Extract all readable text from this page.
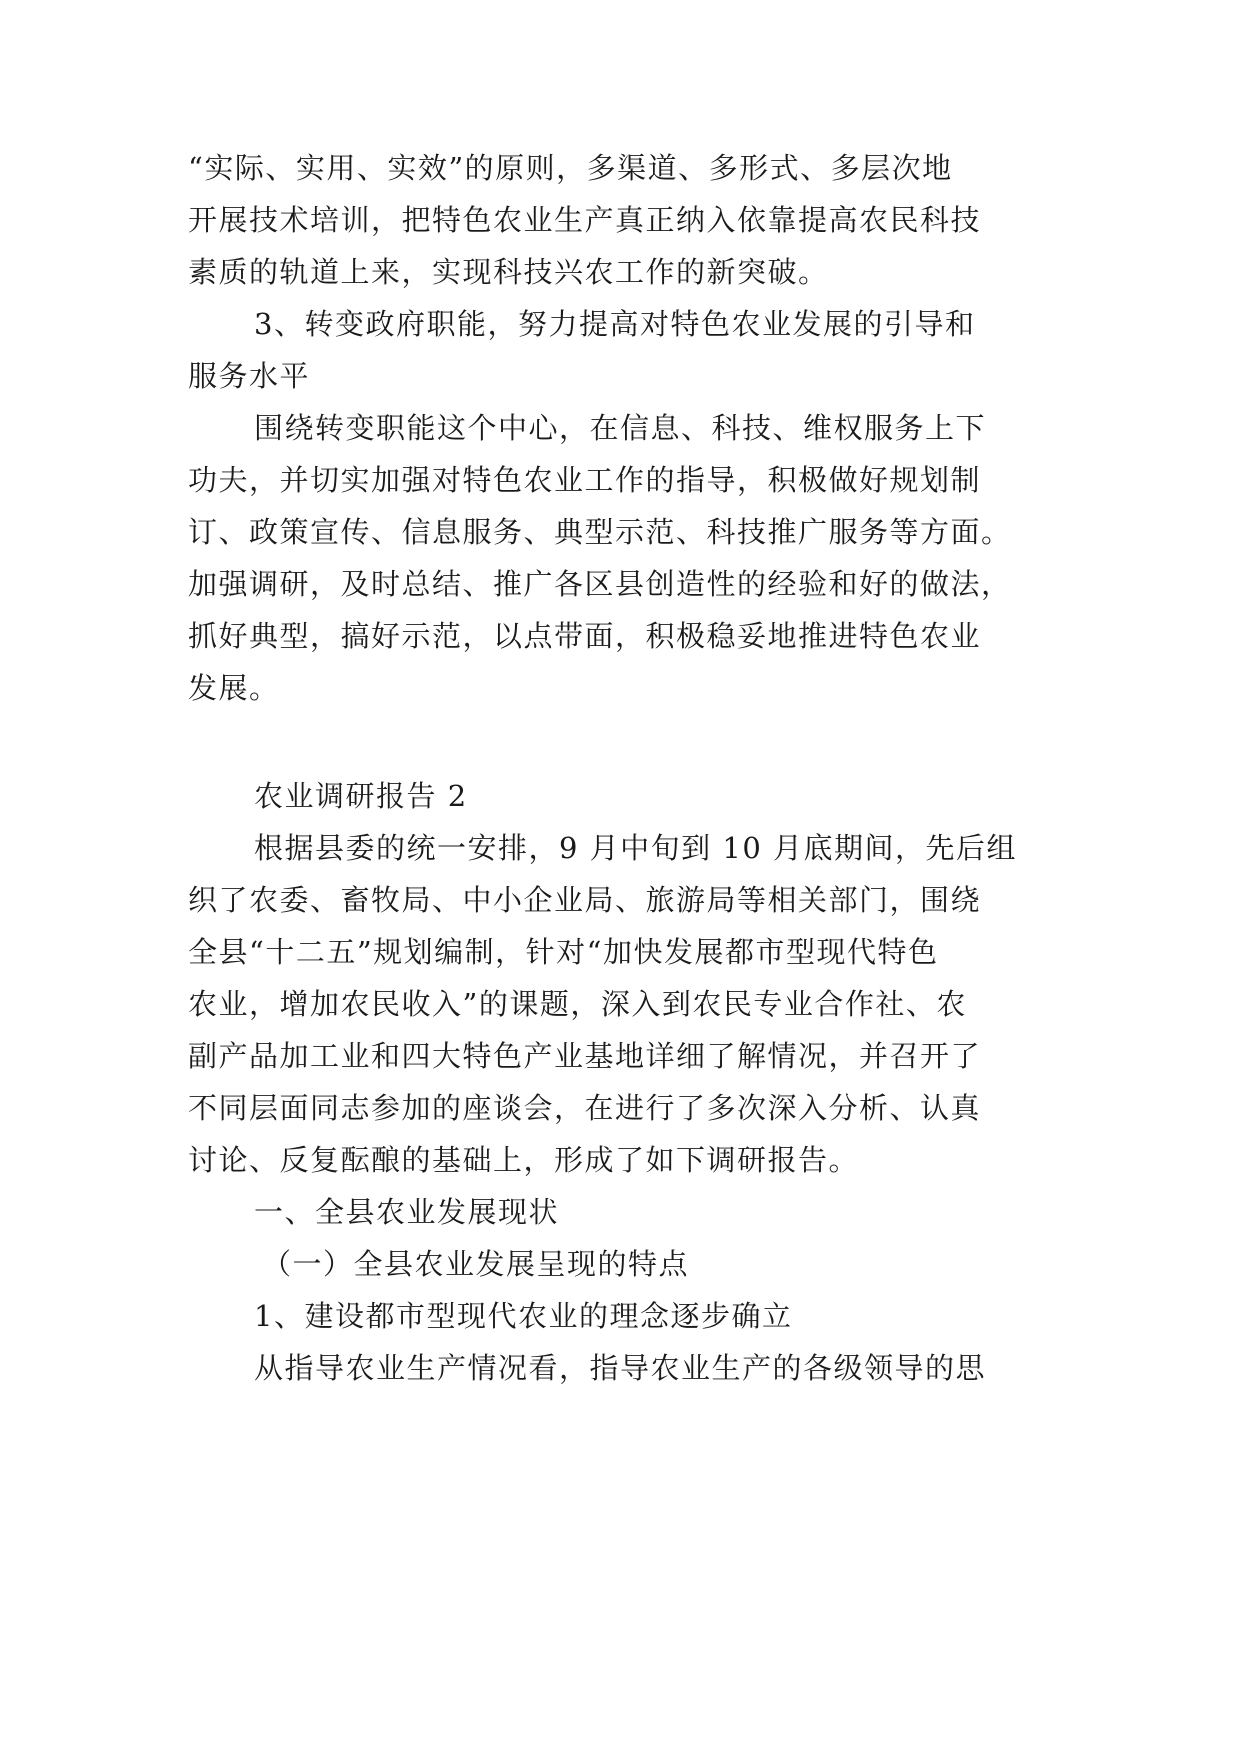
“实际、实用、实效”的原则，多渠道、多形式、多层次地
开展技术培训，把特色农业生产真正纳入依靠提高农民科技
素质的轨道上来，实现科技兴农工作的新突破。
3、转变政府职能，努力提高对特色农业发展的引导和
服务水平
围绕转变职能这个中心，在信息、科技、维权服务上下
功夫，并切实加强对特色农业工作的指导，积极做好规划制
订、政策宣传、信息服务、典型示范、科技推广服务等方面。
加强调研，及时总结、推广各区县创造性的经验和好的做法，
抓好典型，搞好示范，以点带面，积极稳妥地推进特色农业
发展。
农业调研报告 2
根据县委的统一安排，9 月中旬到 10 月底期间，先后组
织了农委、畜牧局、中小企业局、旅游局等相关部门，围绕
全县“十二五”规划编制，针对“加快发展都市型现代特色
农业，增加农民收入”的课题，深入到农民专业合作社、农
副产品加工业和四大特色产业基地详细了解情况，并召开了
不同层面同志参加的座谈会，在进行了多次深入分析、认真
讨论、反复酝酿的基础上，形成了如下调研报告。
一、全县农业发展现状
（一）全县农业发展呈现的特点
1、建设都市型现代农业的理念逐步确立
从指导农业生产情况看，指导农业生产的各级领导的思
